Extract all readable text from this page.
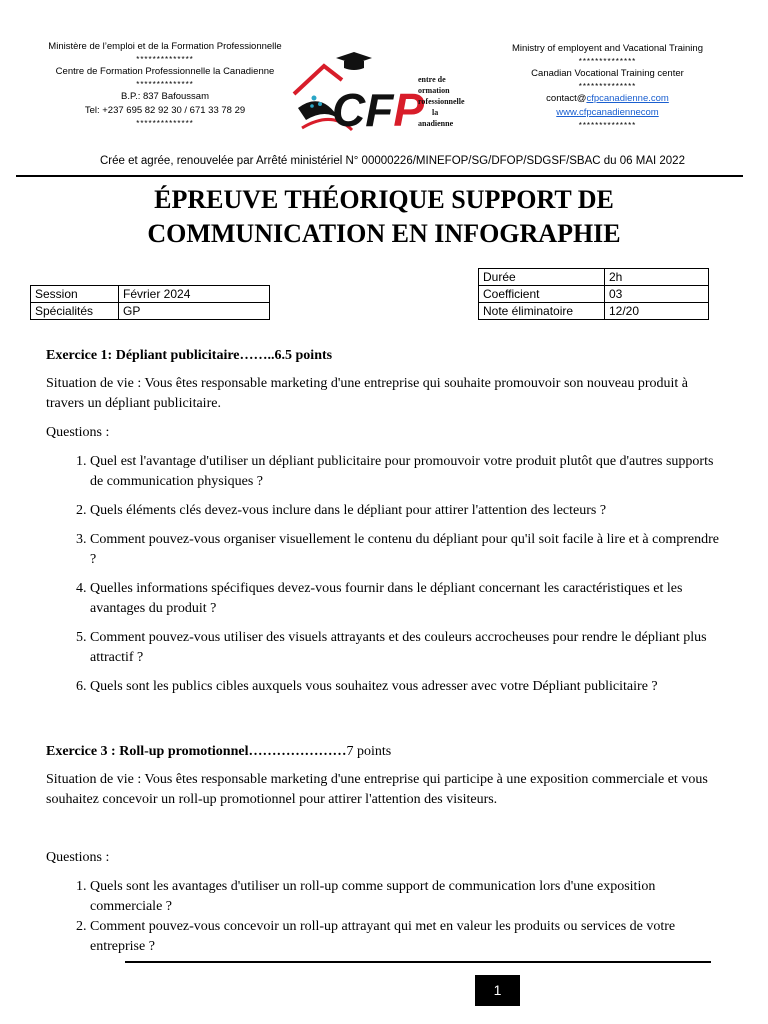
Ministère de l’emploi et de la Formation Professionnelle
**************
Centre de Formation Professionnelle la Canadienne
**************
B.P.: 837 Bafoussam
Tel: +237 695 82 92 30 / 671 33 78 29
**************	CFP
entre de
ormation
rofessionnelle
la
anadienne
Ministry of employent and Vacational Training
**************
Canadian Vocational Training center
**************
contact@cfpcanadienne.com
www.cfpcanadiennecom
**************
Crée et agrée, renouvelée par Arrêté ministériel N° 00000226/MINEFOP/SG/DFOP/SDGSF/SBAC du 06 MAI 2022
ÉPREUVE THÉORIQUE SUPPORT DE
COMMUNICATION EN INFOGRAPHIE
Session	Février 2024
Spécialités	GP
Durée	2h
Coefficient	03
Note éliminatoire	12/20
Exercice 1: Dépliant publicitaire……..6.5 points
Situation de vie : Vous êtes responsable marketing d'une entreprise qui souhaite promouvoir son nouveau produit à travers un dépliant publicitaire.
Questions :
1. Quel est l'avantage d'utiliser un dépliant publicitaire pour promouvoir votre produit plutôt que d'autres supports de communication physiques ?
2. Quels éléments clés devez-vous inclure dans le dépliant pour attirer l'attention des lecteurs ?
3. Comment pouvez-vous organiser visuellement le contenu du dépliant pour qu'il soit facile à lire et à comprendre ?
4. Quelles informations spécifiques devez-vous fournir dans le dépliant concernant les caractéristiques et les avantages du produit ?
5. Comment pouvez-vous utiliser des visuels attrayants et des couleurs accrocheuses pour rendre le dépliant plus attractif ?
6. Quels sont les publics cibles auxquels vous souhaitez vous adresser avec votre Dépliant publicitaire ?
Exercice 3 : Roll-up promotionnel…………………7 points
Situation de vie : Vous êtes responsable marketing d'une entreprise qui participe à une exposition commerciale et vous souhaitez concevoir un roll-up promotionnel pour attirer l'attention des visiteurs.
Questions :
1. Quels sont les avantages d'utiliser un roll-up comme support de communication lors d'une exposition commerciale ?
2. Comment pouvez-vous concevoir un roll-up attrayant qui met en valeur les produits ou services de votre entreprise ?
1
